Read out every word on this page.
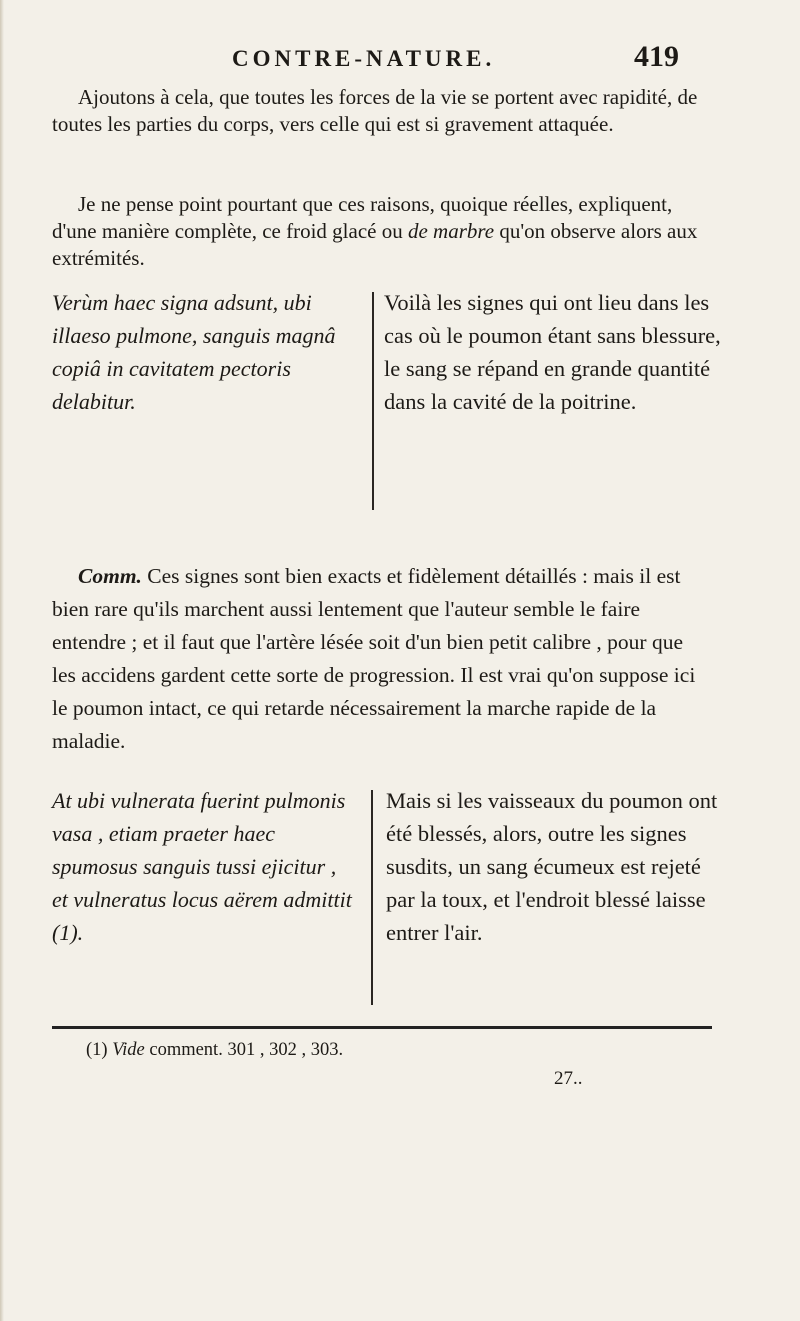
CONTRE-NATURE.	419

Ajoutons à cela, que toutes les forces de la vie se portent avec rapidité, de toutes les parties du corps, vers celle qui est si gravement attaquée.

Je ne pense point pourtant que ces raisons, quoique réelles, expliquent, d'une manière complète, ce froid glacé ou de marbre qu'on observe alors aux extrémités.

Verùm haec signa adsunt, ubi illaeso pulmone, sanguis magnâ copiâ in cavitatem pectoris delabitur.

Voilà les signes qui ont lieu dans les cas où le poumon étant sans blessure, le sang se répand en grande quantité dans la cavité de la poitrine.

Comm. Ces signes sont bien exacts et fidèlement détaillés : mais il est bien rare qu'ils marchent aussi lentement que l'auteur semble le faire entendre ; et il faut que l'artère lésée soit d'un bien petit calibre , pour que les accidens gardent cette sorte de progression. Il est vrai qu'on suppose ici le poumon intact, ce qui retarde nécessairement la marche rapide de la maladie.

At ubi vulnerata fuerint pulmonis vasa , etiam praeter haec spumosus sanguis tussi ejicitur , et vulneratus locus aërem admittit (1).

Mais si les vaisseaux du poumon ont été blessés, alors, outre les signes susdits, un sang écumeux est rejeté par la toux, et l'endroit blessé laisse entrer l'air.

(1) Vide comment. 301 , 302 , 303.
27..
